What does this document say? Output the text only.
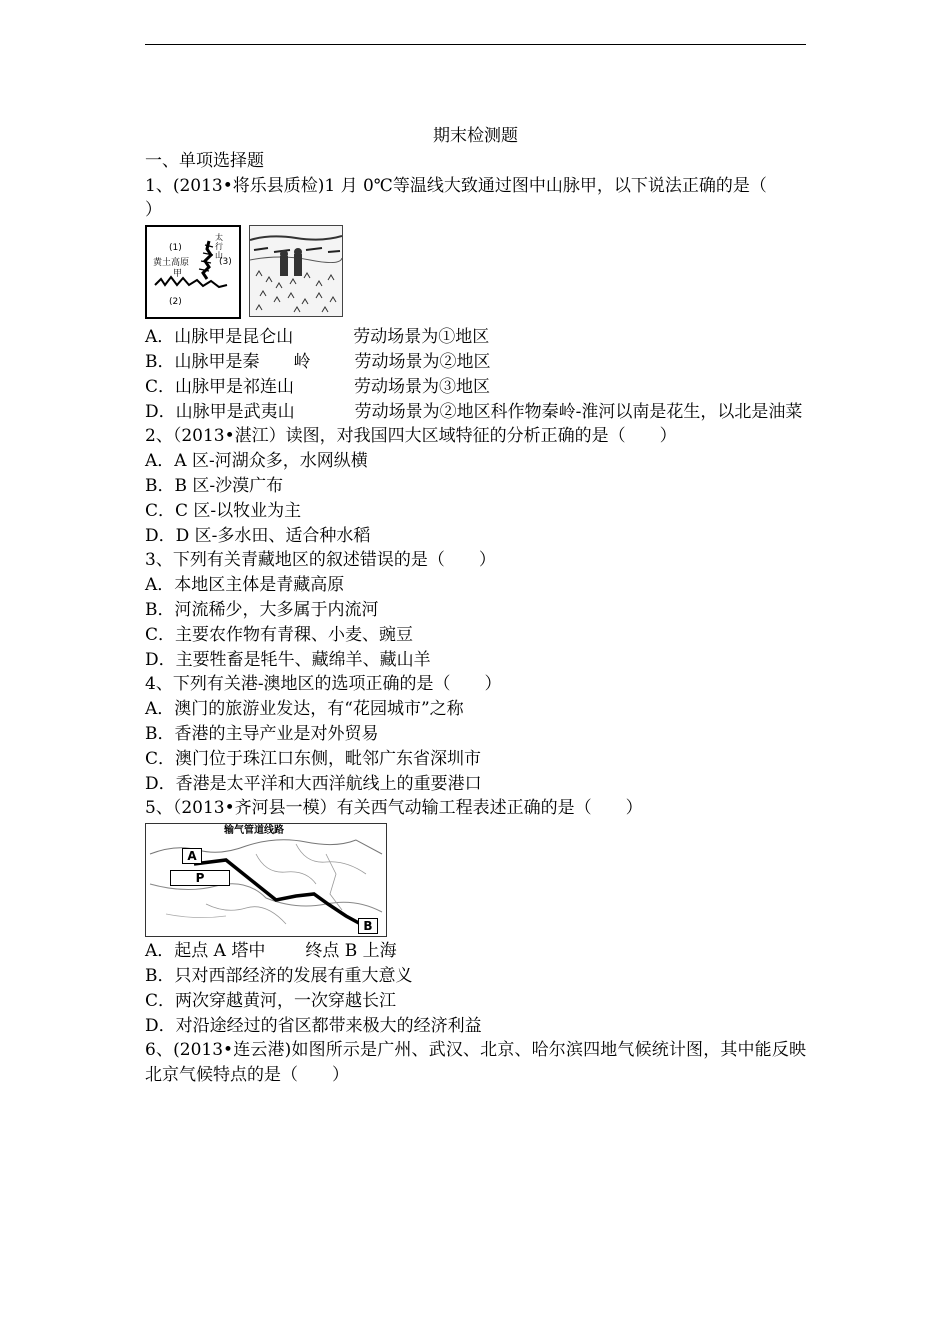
期末检测题
一、单项选择题
1、(2013•将乐县质检)1 月 0℃等温线大致通过图中山脉甲，以下说法正确的是（
）
(1)
(3)
(2)
黄土高原
甲
太行山
A．山脉甲是昆仑山	劳动场景为①地区
B．山脉甲是秦　　岭	劳动场景为②地区
C．山脉甲是祁连山	劳动场景为③地区
D．山脉甲是武夷山	劳动场景为②地区科作物秦岭-淮河以南是花生，以北是油菜
2、（2013•湛江）读图，对我国四大区域特征的分析正确的是（　　）
A．A 区-河湖众多，水网纵横
B．B 区-沙漠广布
C．C 区-以牧业为主
D．D 区-多水田、适合种水稻
3、下列有关青藏地区的叙述错误的是（　　）
A．本地区主体是青藏高原
B．河流稀少，大多属于内流河
C．主要农作物有青稞、小麦、豌豆
D．主要牲畜是牦牛、藏绵羊、藏山羊
4、下列有关港-澳地区的选项正确的是（　　）
A．澳门的旅游业发达，有“花园城市”之称
B．香港的主导产业是对外贸易
C．澳门位于珠江口东侧，毗邻广东省深圳市
D．香港是太平洋和大西洋航线上的重要港口
5、（2013•齐河县一模）有关西气动输工程表述正确的是（　　）
输气管道线路
A
P
B
A．起点 A 塔中 终点 B 上海
B．只对西部经济的发展有重大意义
C．两次穿越黄河，一次穿越长江
D．对沿途经过的省区都带来极大的经济利益
6、(2013•连云港)如图所示是广州、武汉、北京、哈尔滨四地气候统计图，其中能反映北京气候特点的是（　　）
